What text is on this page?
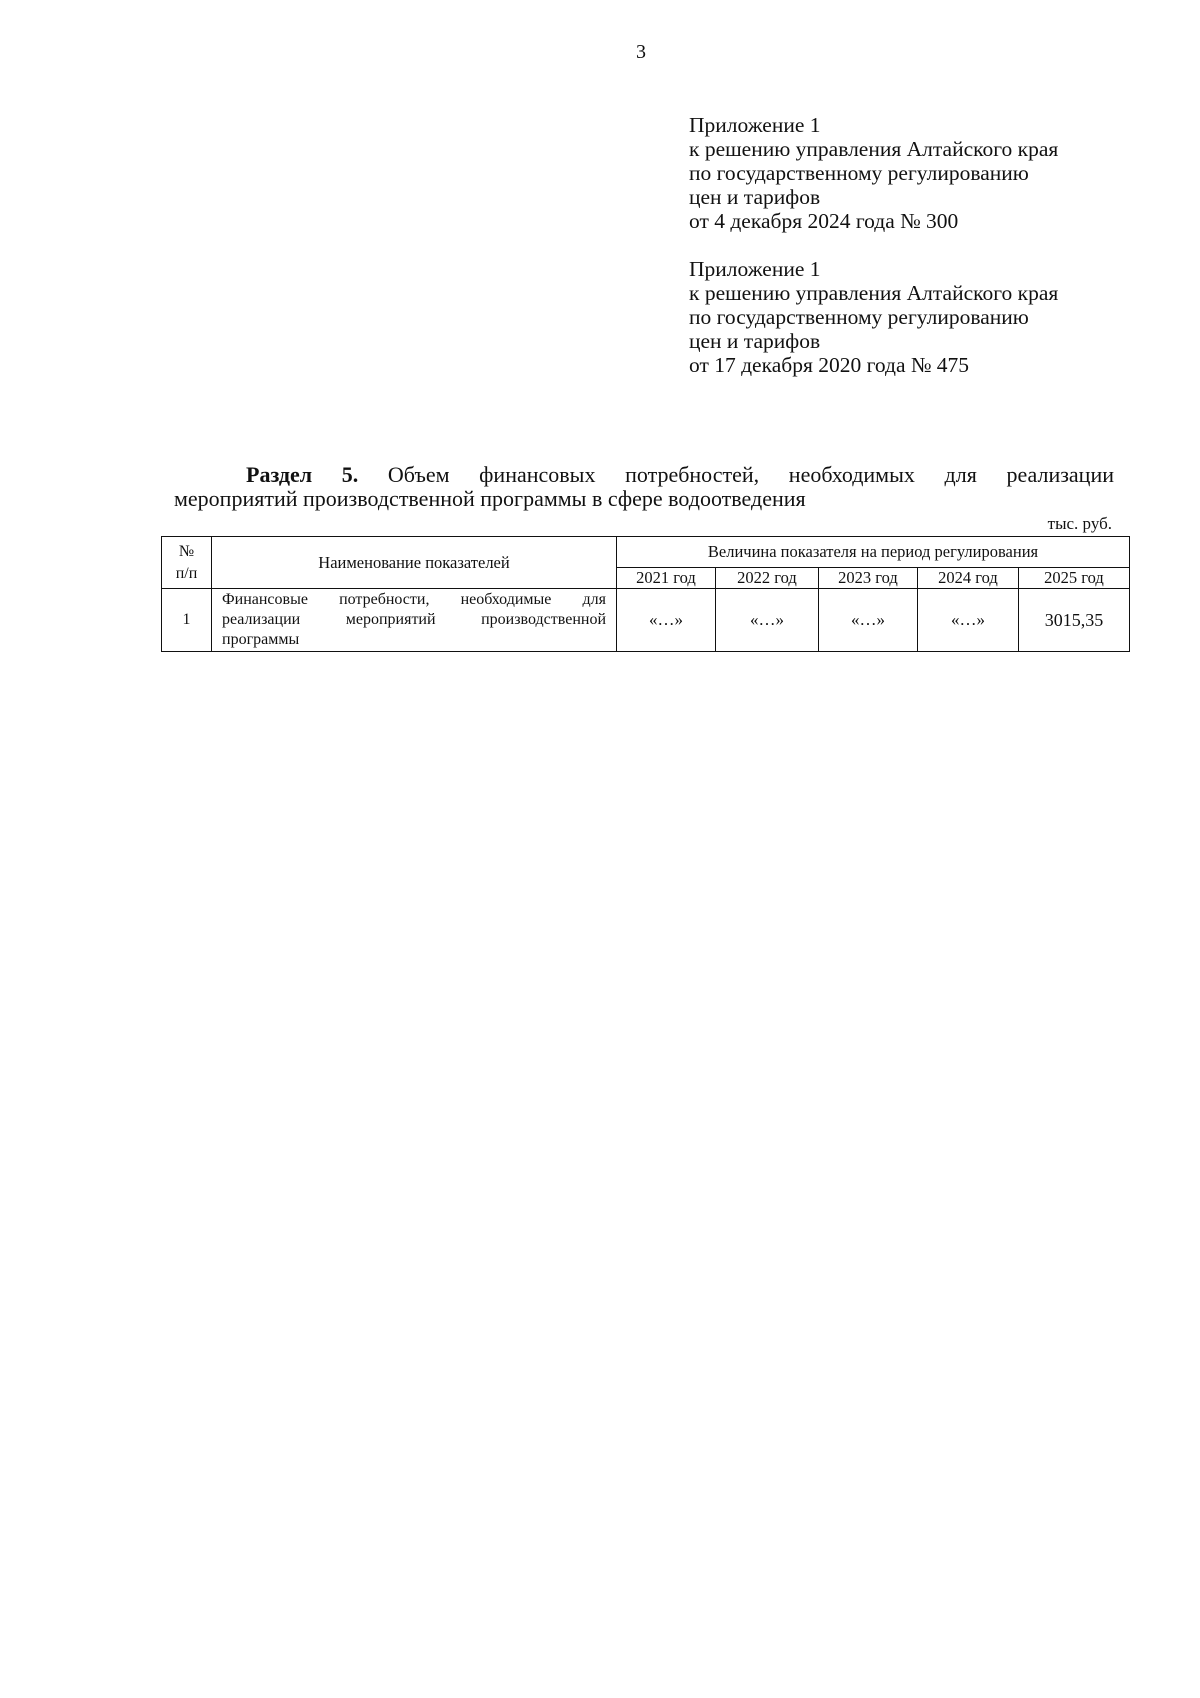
3
Приложение 1
к решению управления Алтайского края
по государственному регулированию
цен и тарифов
от 4 декабря 2024 года № 300
Приложение 1
к решению управления Алтайского края
по государственному регулированию
цен и тарифов
от 17 декабря 2020 года № 475
Раздел 5. Объем финансовых потребностей, необходимых для реализации
мероприятий производственной программы в сфере водоотведения
тыс. руб.
№
п/п	Наименование показателей	Величина показателя на период регулирования				
		2021 год	2022 год	2023 год	2024 год	2025 год
1	Финансовые потребности, необходимые для
реализации мероприятий производственной
программы	«…»	«…»	«…»	«…»	3015,35
